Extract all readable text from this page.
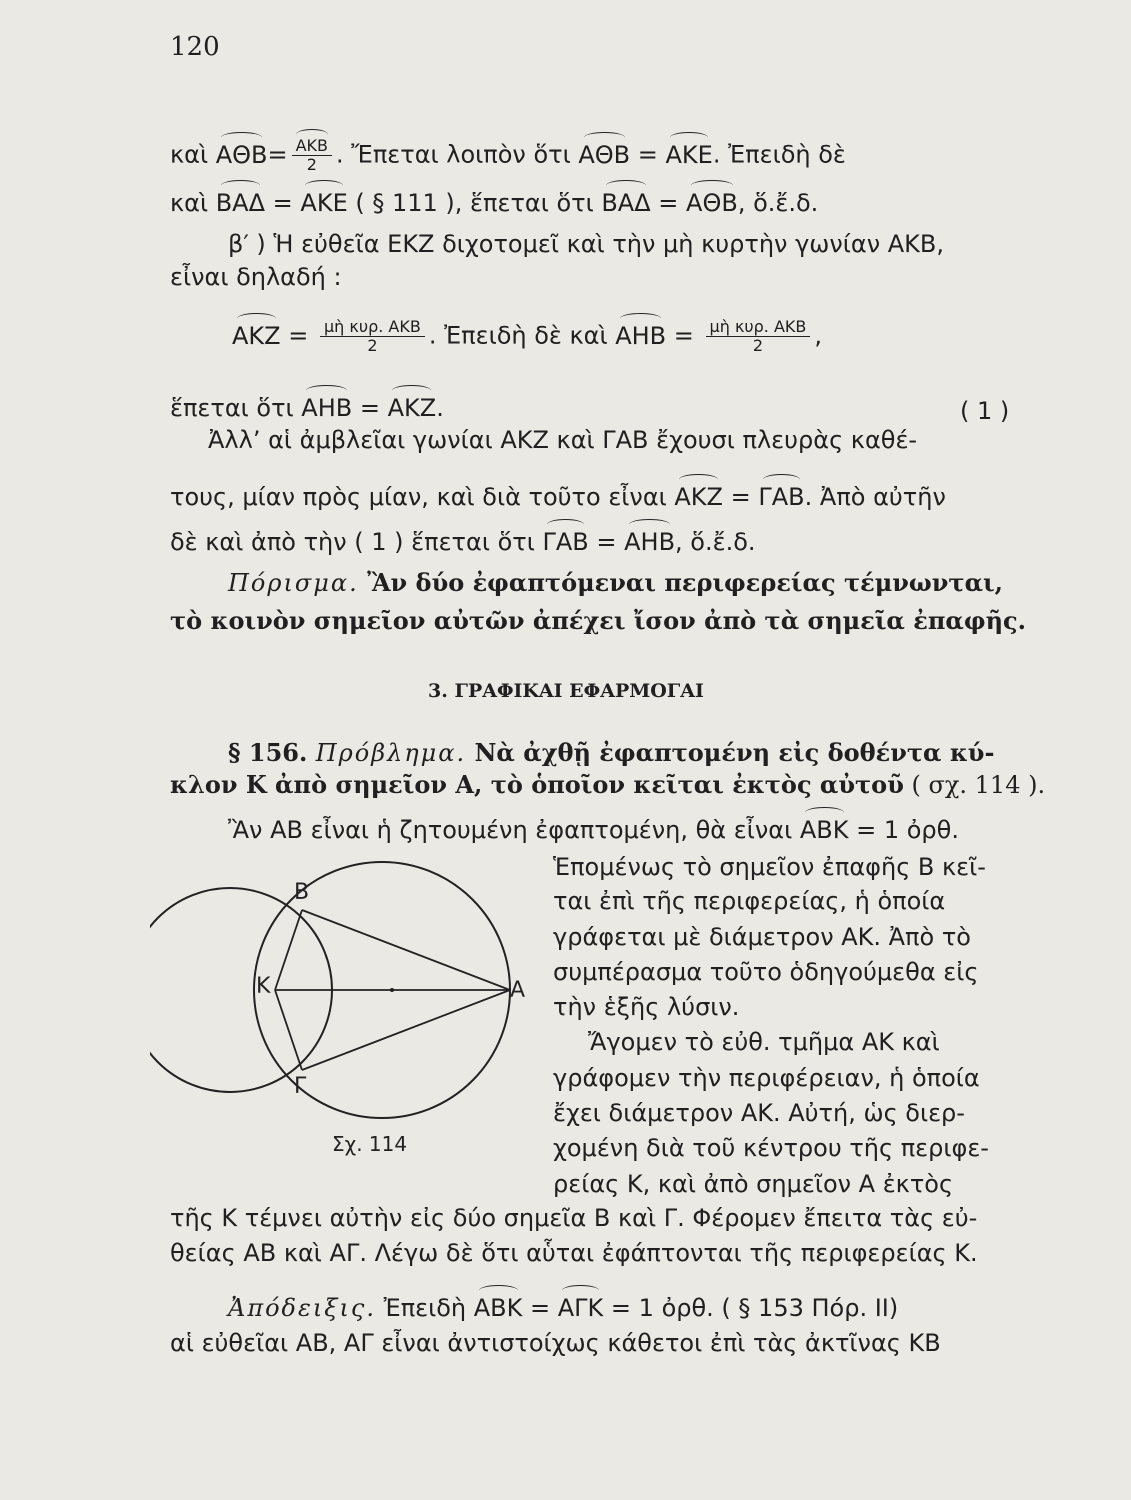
120
καὶ $A\Theta B= \frac{\text{ΑΚΒ}}{2}$ . Ἔπεται λοιπὸν ὅτι ΑΘΒ = ΑΚΕ. Ἐπειδὴ δὲ
καὶ ΒΑΔ = ΑΚΕ ( § 111 ), ἕπεται ὅτι ΒΑΔ = ΑΘΒ, ὅ.ἔ.δ.
β′ ) Ἡ εὐθεῖα ΕΚΖ διχοτομεῖ καὶ τὴν μὴ κυρτὴν γωνίαν ΑΚΒ,
εἶναι δηλαδή :
$AKZ = \frac{\text{μὴ κυρ. ΑΚΒ}}{2}$ . Ἐπειδὴ δὲ καὶ $AHB = \frac{\text{μὴ κυρ. ΑΚΒ}}{2}$ ,
ἕπεται ὅτι ΑΗΒ = ΑΚΖ.	( 1 )
Ἀλλ’ αἱ ἀμβλεῖαι γωνίαι ΑΚΖ καὶ ΓΑΒ ἔχουσι πλευρὰς καθέ-
τους, μίαν πρὸς μίαν, καὶ διὰ τοῦτο εἶναι ΑΚΖ = ΓΑΒ. Ἀπὸ αὐτῆν
δὲ καὶ ἀπὸ τὴν ( 1 ) ἕπεται ὅτι ΓΑΒ = ΑΗΒ, ὅ.ἔ.δ.
Πόρισμα. Ἂν δύο ἐφαπτόμεναι περιφερείας τέμνωνται,
τὸ κοινὸν σημεῖον αὐτῶν ἀπέχει ἴσον ἀπὸ τὰ σημεῖα ἐπαφῆς.
3. ΓΡΑΦΙΚΑΙ ΕΦΑΡΜΟΓΑΙ
§ 156. Πρόβλημα. Νὰ ἀχθῇ ἐφαπτομένη εἰς δοθέντα κύ-
κλον Κ ἀπὸ σημεῖον Α, τὸ ὁποῖον κεῖται ἐκτὸς αὐτοῦ ( σχ. 114 ).
Ἂν ΑΒ εἶναι ἡ ζητουμένη ἐφαπτομένη, θὰ εἶναι ΑΒΚ = 1 ὀρθ.
Ἑπομένως τὸ σημεῖον ἐπαφῆς Β κεῖ-
ται ἐπὶ τῆς περιφερείας, ἡ ὁποία
γράφεται μὲ διάμετρον ΑΚ. Ἀπὸ τὸ
συμπέρασμα τοῦτο ὁδηγούμεθα εἰς
τὴν ἑξῆς λύσιν.
Ἄγομεν τὸ εὐθ. τμῆμα ΑΚ καὶ
γράφομεν τὴν περιφέρειαν, ἡ ὁποία
ἔχει διάμετρον ΑΚ. Αὐτή, ὡς διερ-
χομένη διὰ τοῦ κέντρου τῆς περιφε-
ρείας Κ, καὶ ἀπὸ σημεῖον Α ἐκτὸς
τῆς Κ τέμνει αὐτὴν εἰς δύο σημεῖα Β καὶ Γ. Φέρομεν ἔπειτα τὰς εὐ-
θείας ΑΒ καὶ ΑΓ. Λέγω δὲ ὅτι αὗται ἐφάπτονται τῆς περιφερείας Κ.
Ἀπόδειξις. Ἐπειδὴ ΑΒΚ = ΑΓΚ = 1 ὀρθ. ( § 153 Πόρ. ΙΙ)
αἱ εὐθεῖαι ΑΒ, ΑΓ εἶναι ἀντιστοίχως κάθετοι ἐπὶ τὰς ἀκτῖνας ΚΒ
Β
Κ	Α
Γ
Σχ. 114
